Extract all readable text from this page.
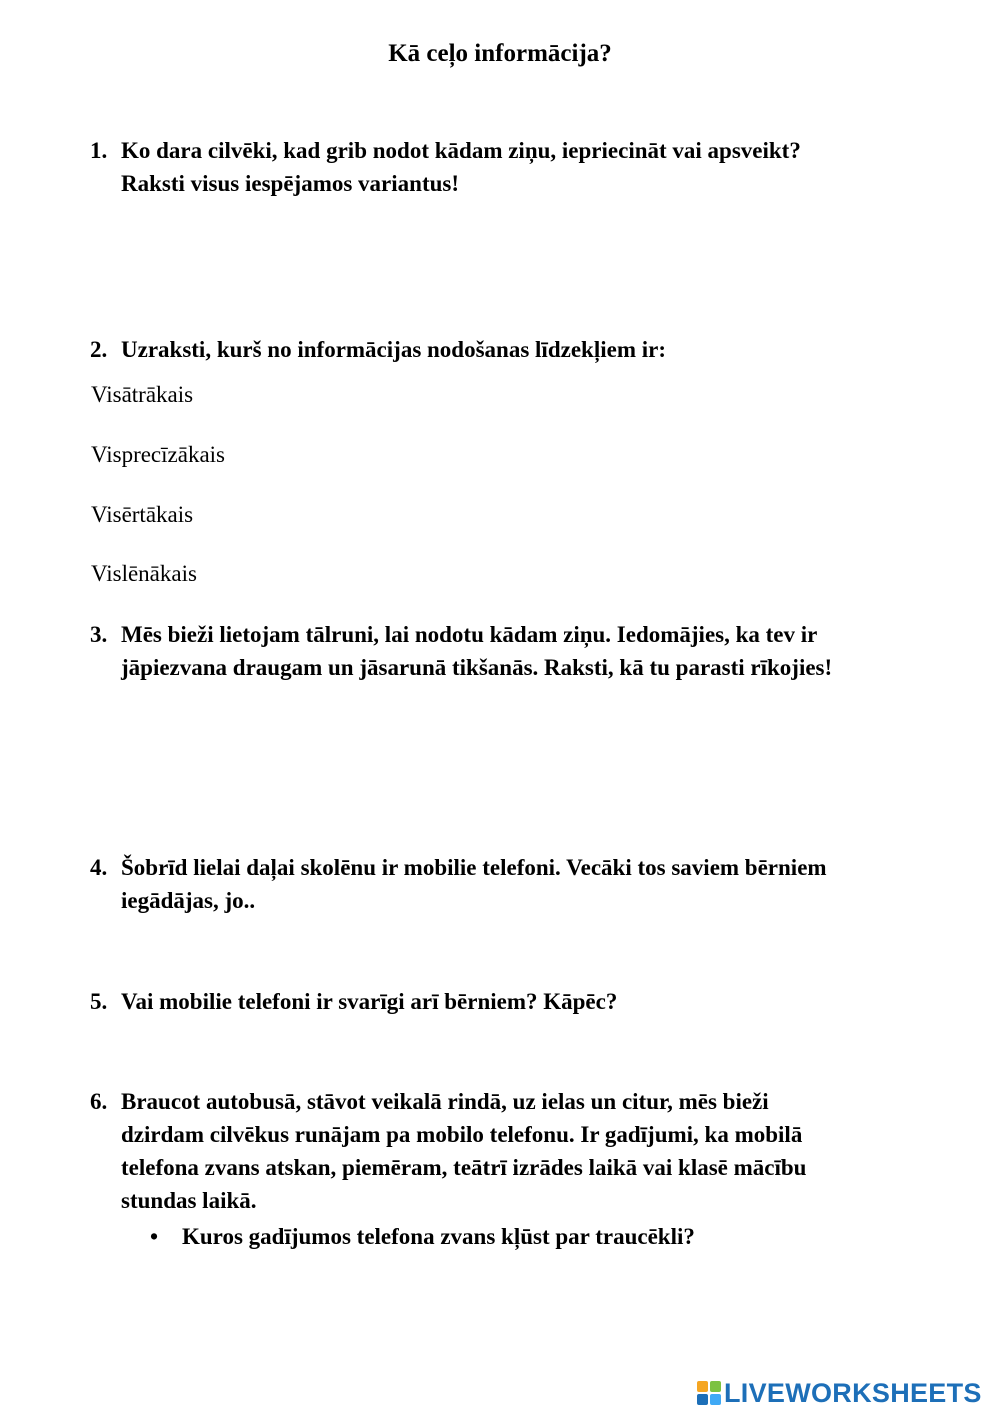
Kā ceļo informācija?
1. Ko dara cilvēki, kad grib nodot kādam ziņu, iepriecināt vai apsveikt?
Raksti visus iespējamos variantus!
2. Uzraksti, kurš no informācijas nodošanas līdzekļiem ir:
Visātrākais
Visprecīzākais
Visērtākais
Vislēnākais
3. Mēs bieži lietojam tālruni, lai nodotu kādam ziņu. Iedomājies, ka tev ir
jāpiezvana draugam un jāsarunā tikšanās. Raksti, kā tu parasti rīkojies!
4. Šobrīd lielai daļai skolēnu ir mobilie telefoni. Vecāki tos saviem bērniem
iegādājas, jo..
5. Vai mobilie telefoni ir svarīgi arī bērniem? Kāpēc?
6. Braucot autobusā, stāvot veikalā rindā, uz ielas un citur, mēs bieži
dzirdam cilvēkus runājam pa mobilo telefonu. Ir gadījumi, ka mobilā
telefona zvans atskan, piemēram, teātrī izrādes laikā vai klasē mācību
stundas laikā.
• Kuros gadījumos telefona zvans kļūst par traucēkli?
LIVEWORKSHEETS
